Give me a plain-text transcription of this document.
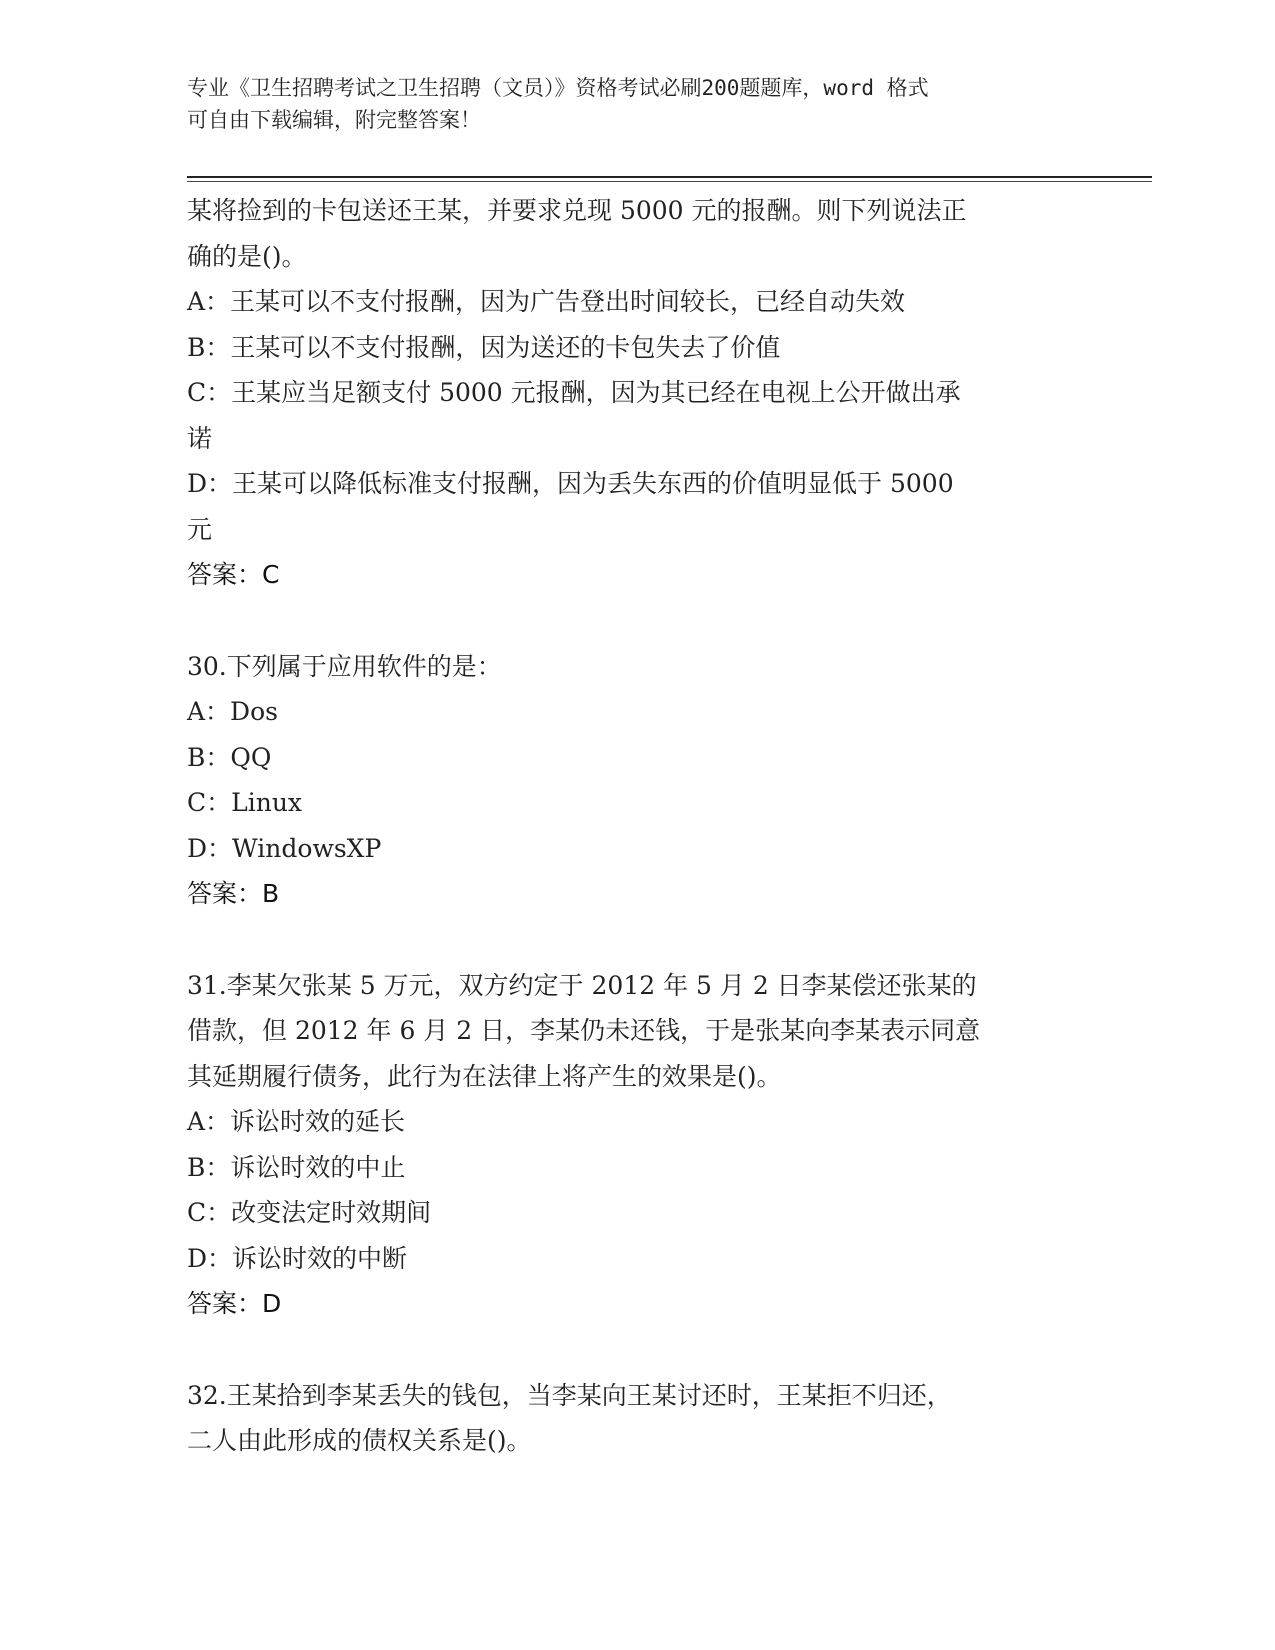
专业《卫生招聘考试之卫生招聘（文员）》资格考试必刷200题题库，word 格式
可自由下载编辑，附完整答案！
某将捡到的卡包送还王某，并要求兑现 5000 元的报酬。则下列说法正
确的是()。
A：王某可以不支付报酬，因为广告登出时间较长，已经自动失效
B：王某可以不支付报酬，因为送还的卡包失去了价值
C：王某应当足额支付 5000 元报酬，因为其已经在电视上公开做出承
诺
D：王某可以降低标准支付报酬，因为丢失东西的价值明显低于 5000
元
答案：C
30.下列属于应用软件的是：
A：Dos
B：QQ
C：Linux
D：WindowsXP
答案：B
31.李某欠张某 5 万元，双方约定于 2012 年 5 月 2 日李某偿还张某的
借款，但 2012 年 6 月 2 日，李某仍未还钱，于是张某向李某表示同意
其延期履行债务，此行为在法律上将产生的效果是()。
A：诉讼时效的延长
B：诉讼时效的中止
C：改变法定时效期间
D：诉讼时效的中断
答案：D
32.王某拾到李某丢失的钱包，当李某向王某讨还时，王某拒不归还，
二人由此形成的债权关系是()。
